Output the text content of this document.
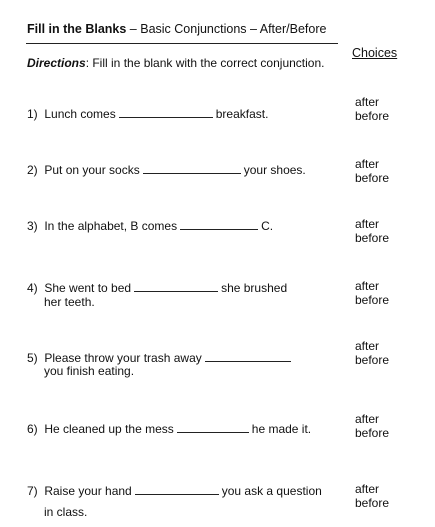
Fill in the Blanks – Basic Conjunctions – After/Before
Choices
Directions: Fill in the blank with the correct conjunction.
1) Lunch comes	breakfast.
after
before
2) Put on your socks	your shoes.	after
before
3) In the alphabet, B comes	C.	after
before
4) She went to bed	she brushed
her teeth.
after
before
5) Please throw your trash away
you finish eating.
after
before
6) He cleaned up the mess	he made it.
after
before
7) Raise your hand	you ask a question
in class.
after
before
